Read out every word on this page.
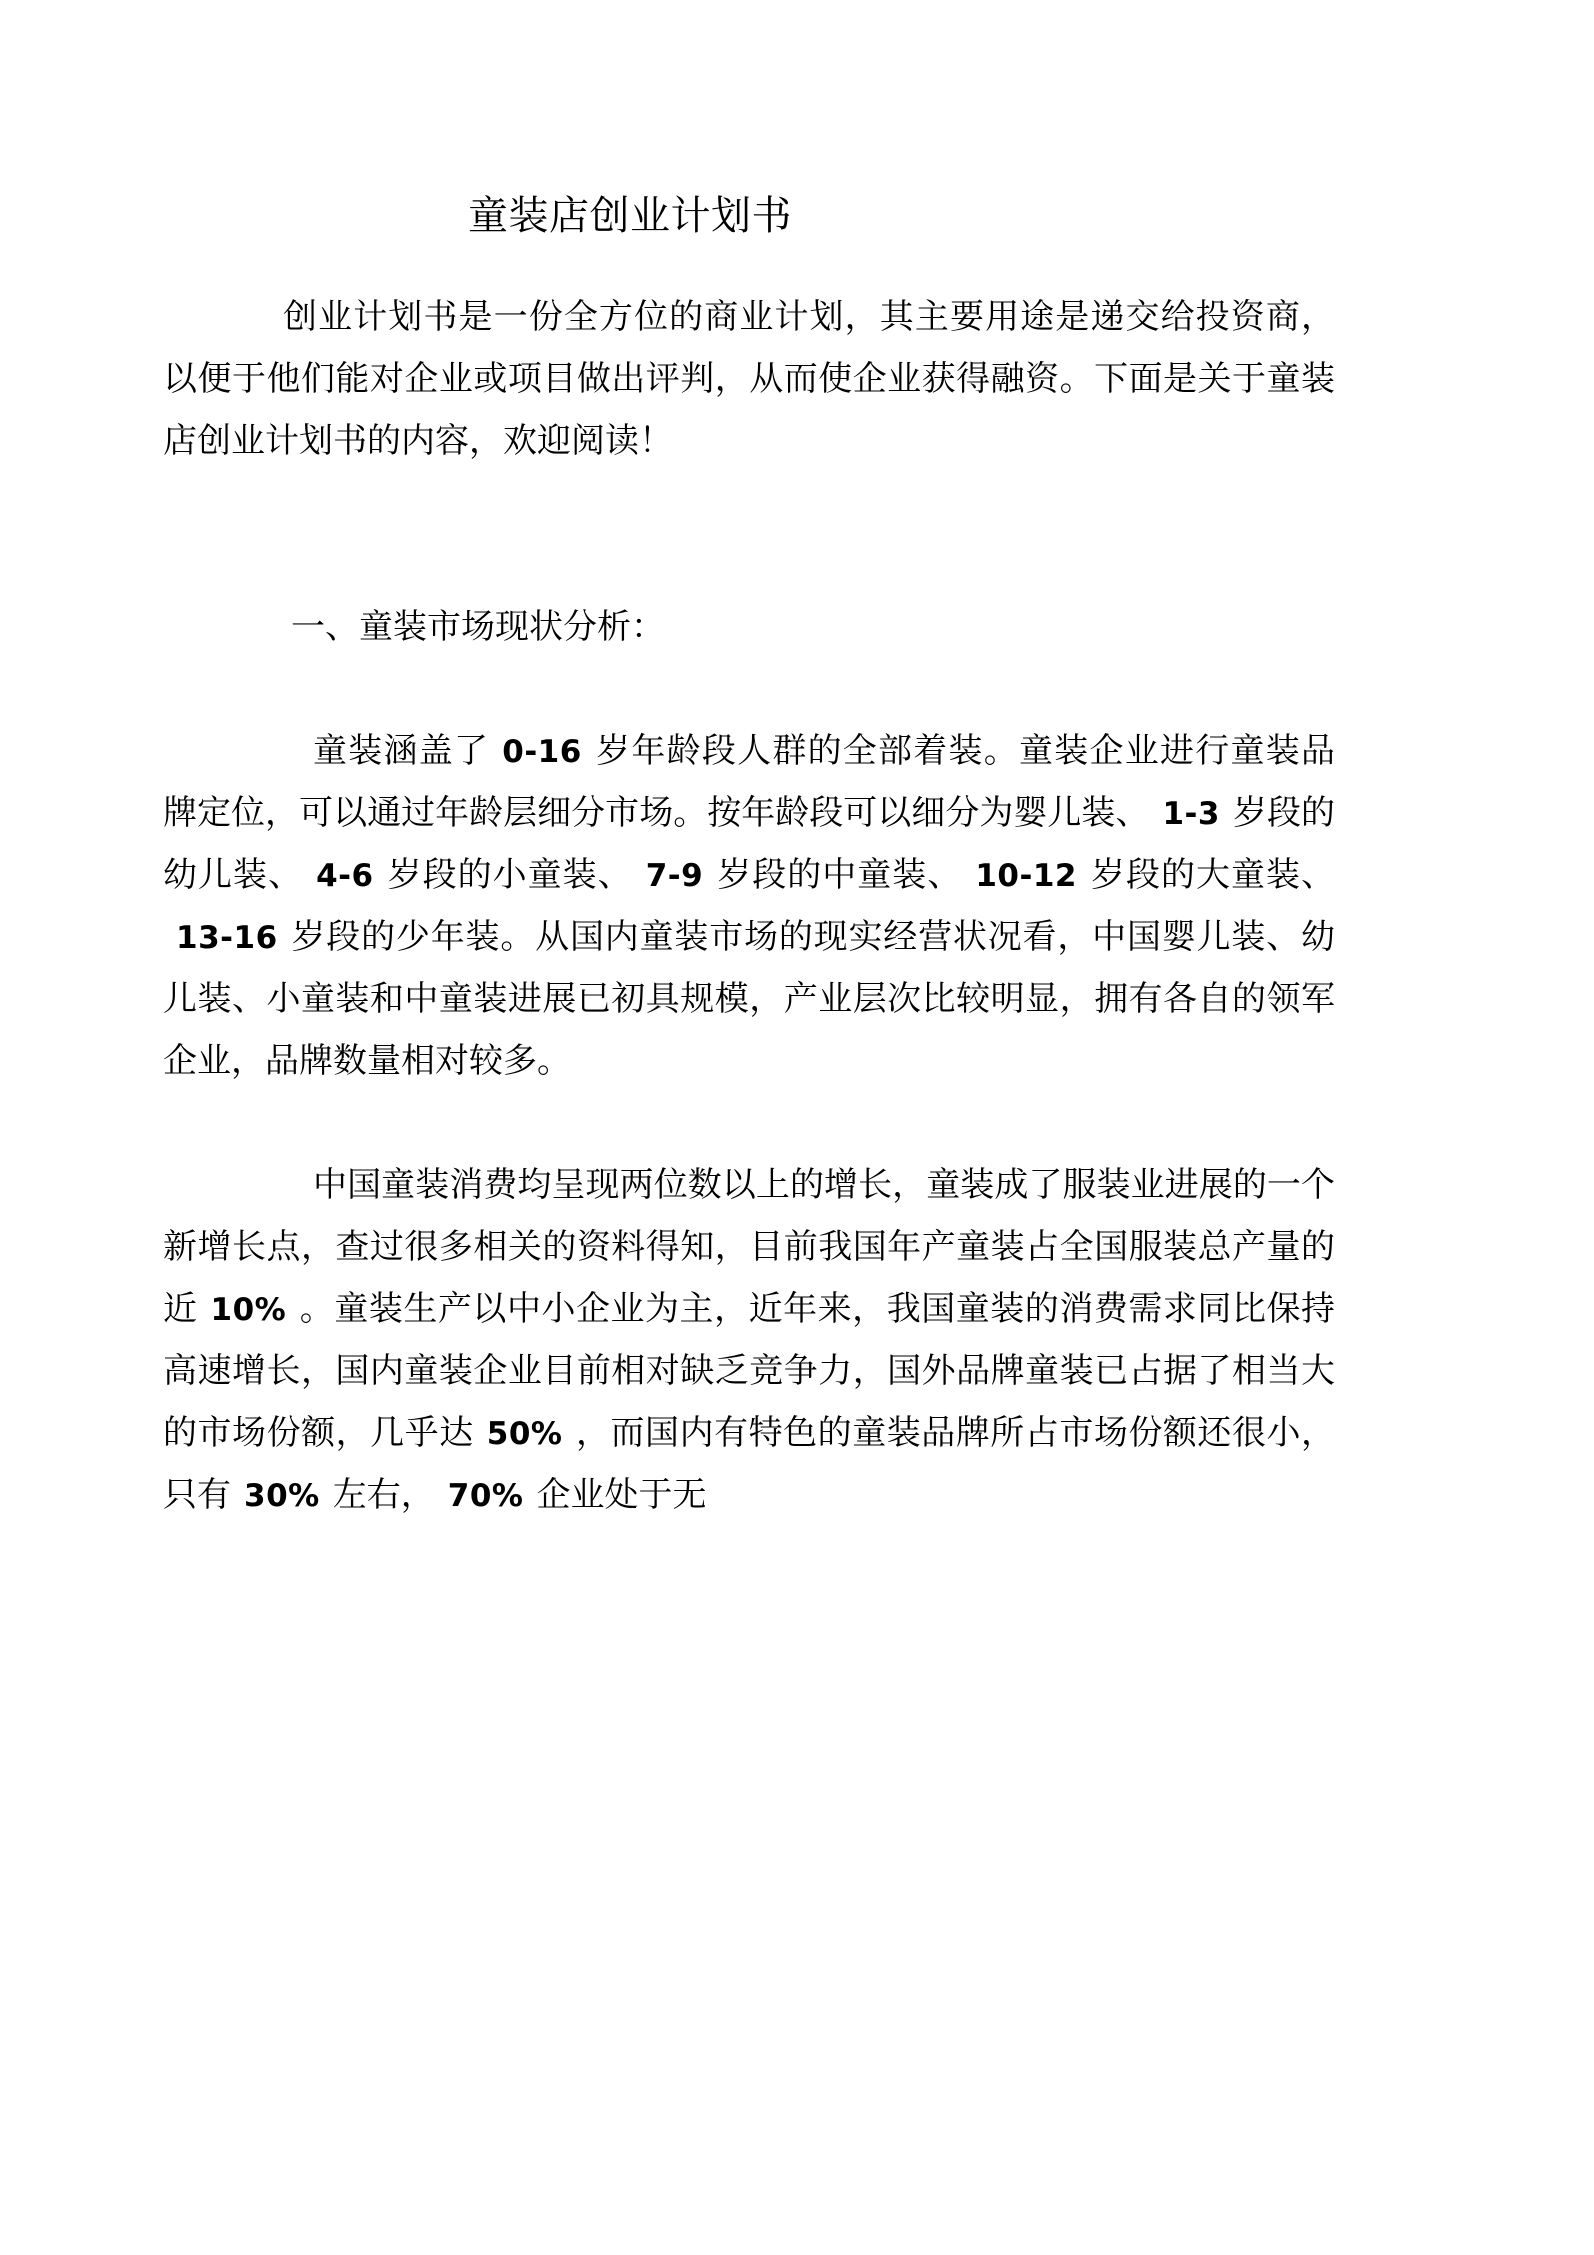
童装店创业计划书

创业计划书是一份全方位的商业计划，其主要用途是递交给投资商，以便于他们能对企业或项目做出评判，从而使企业获得融资。下面是关于童装店创业计划书的内容，欢迎阅读！

一、童装市场现状分析：

童装涵盖了 0-16 岁年龄段人群的全部着装。童装企业进行童装品牌定位，可以通过年龄层细分市场。按年龄段可以细分为婴儿装、 1-3 岁段的幼儿装、 4-6 岁段的小童装、 7-9 岁段的中童装、 10-12 岁段的大童装、13-16 岁段的少年装。从国内童装市场的现实经营状况看，中国婴儿装、幼儿装、小童装和中童装进展已初具规模，产业层次比较明显，拥有各自的领军企业，品牌数量相对较多。

中国童装消费均呈现两位数以上的增长，童装成了服装业进展的一个新增长点，查过很多相关的资料得知，目前我国年产童装占全国服装总产量的近 10% 。童装生产以中小企业为主，近年来，我国童装的消费需求同比保持高速增长，国内童装企业目前相对缺乏竞争力，国外品牌童装已占据了相当大的市场份额，几乎达 50% ，而国内有特色的童装品牌所占市场份额还很小，只有 30% 左右， 70% 企业处于无
